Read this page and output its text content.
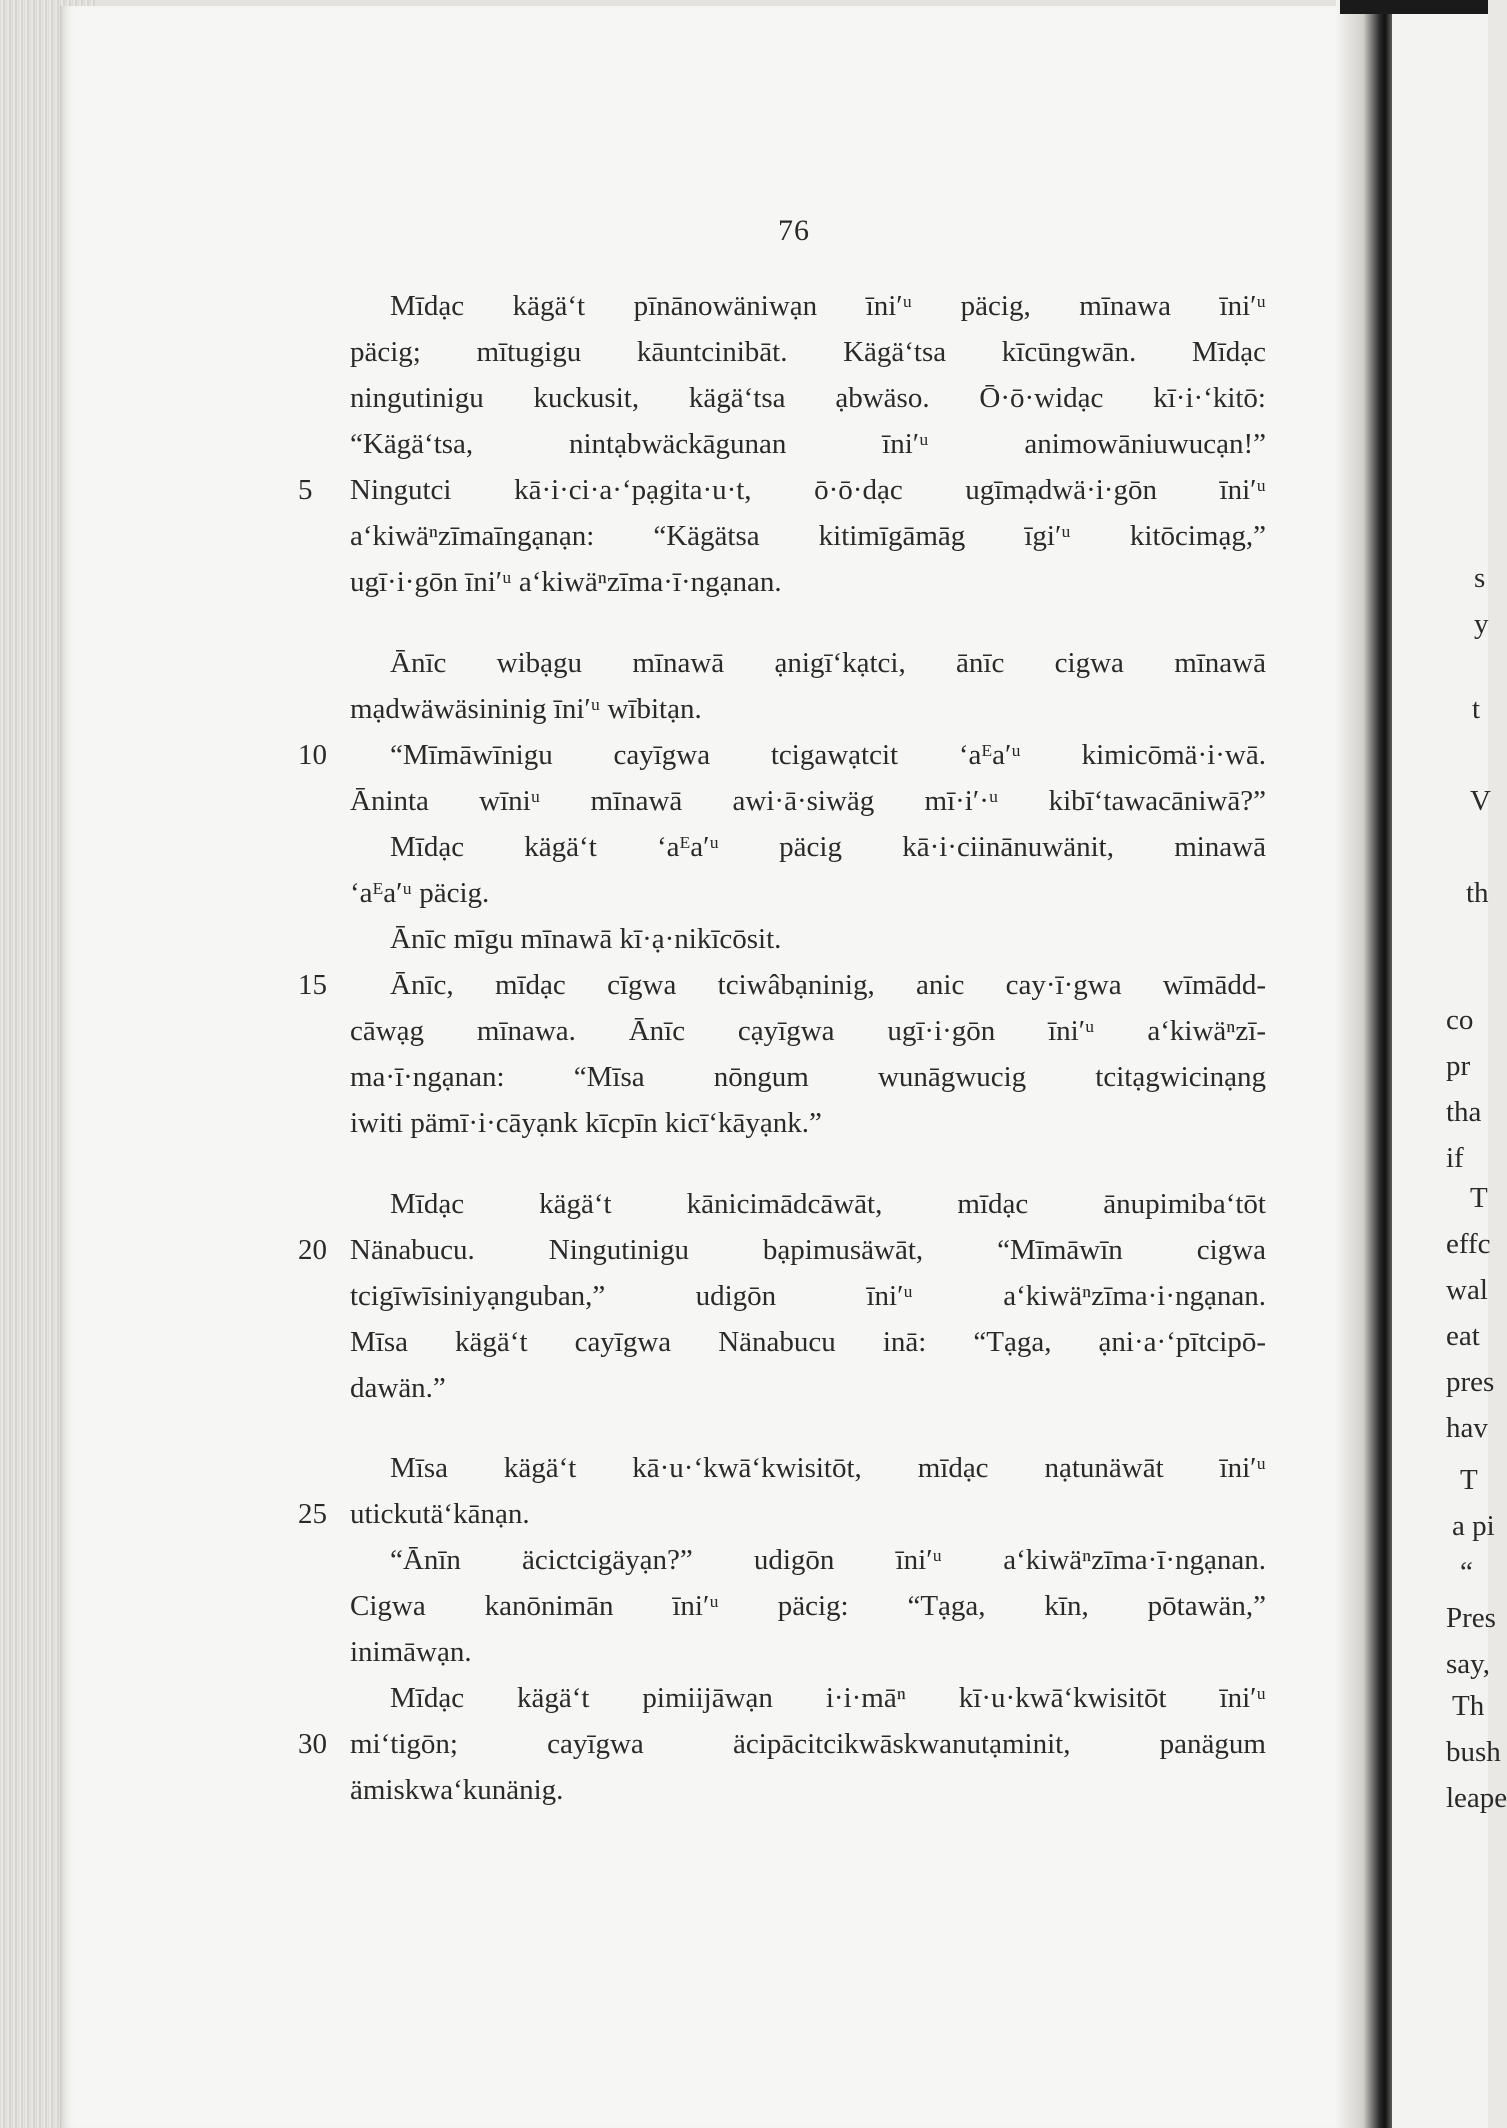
76
Mīdạc kägä‘t pīnānowäniwạn īni′ᵘ päcig, mīnawa īni′ᵘ
päcig; mītugigu kāuntcinibāt. Kägä‘tsa kīcūngwān. Mīdạc
ningutinigu kuckusit, kägä‘tsa ạbwäso. Ō·ō·widạc kī·i·‘kitō:
“Kägä‘tsa, nintạbwäckāgunan īni′ᵘ animowāniuwucạn!”
Ningutci kā·i·ci·a·‘pạgita·u·t, ō·ō·dạc ugīmạdwä·i·gōn īni′ᵘ
a‘kiwäⁿzīmaīngạnạn: “Kägätsa kitimīgāmāg īgi′ᵘ kitōcimạg,”
ugī·i·gōn īni′ᵘ a‘kiwäⁿzīma·ī·ngạnan.
Ānīc wibạgu mīnawā ạnigī‘kạtci, ānīc cigwa mīnawā
mạdwäwäsininig īni′ᵘ wībitạn.
“Mīmāwīnigu cayīgwa tcigawạtcit ‘aᴱa′ᵘ kimicōmä·i·wā.
Āninta wīniᵘ mīnawā awi·ā·siwäg mī·i′·ᵘ kibī‘tawacāniwā?”
Mīdạc kägä‘t ‘aᴱa′ᵘ päcig kā·i·ciinānuwänit, minawā
‘aᴱa′ᵘ päcig.
Ānīc mīgu mīnawā kī·ạ·nikīcōsit.
Ānīc, mīdạc cīgwa tciwâbạninig, anic cay·ī·gwa wīmādd-
cāwạg mīnawa. Ānīc cạyīgwa ugī·i·gōn īni′ᵘ a‘kiwäⁿzī-
ma·ī·ngạnan: “Mīsa nōngum wunāgwucig tcitạgwicinạng
iwiti pämī·i·cāyạnk kīcpīn kicī‘kāyạnk.”
Mīdạc kägä‘t kānicimādcāwāt, mīdạc ānupimiba‘tōt
Nänabucu. Ningutinigu bạpimusäwāt, “Mīmāwīn cigwa
tcigīwīsiniyạnguban,” udigōn īni′ᵘ a‘kiwäⁿzīma·i·ngạnan.
Mīsa kägä‘t cayīgwa Nänabucu inā: “Tạga, ạni·a·‘pītcipō-
dawän.”
Mīsa kägä‘t kā·u·‘kwā‘kwisitōt, mīdạc nạtunäwāt īni′ᵘ
utickutä‘kānạn.
“Ānīn äcictcigäyạn?” udigōn īni′ᵘ a‘kiwäⁿzīma·ī·ngạnan.
Cigwa kanōnimān īni′ᵘ päcig: “Tạga, kīn, pōtawän,”
inimāwạn.
Mīdạc kägä‘t pimiijāwạn i·i·māⁿ kī·u·kwā‘kwisitōt īni′ᵘ
mi‘tigōn; cayīgwa äcipācitcikwāskwanutạminit, panägum
ämiskwa‘kunänig.
5
10
15
20
25
30
s
y
t
V
th
co
pr
tha
if
T
effc
wal
eat
pres
hav
T
a pi
“
Pres
say,
Th
bush
leape
